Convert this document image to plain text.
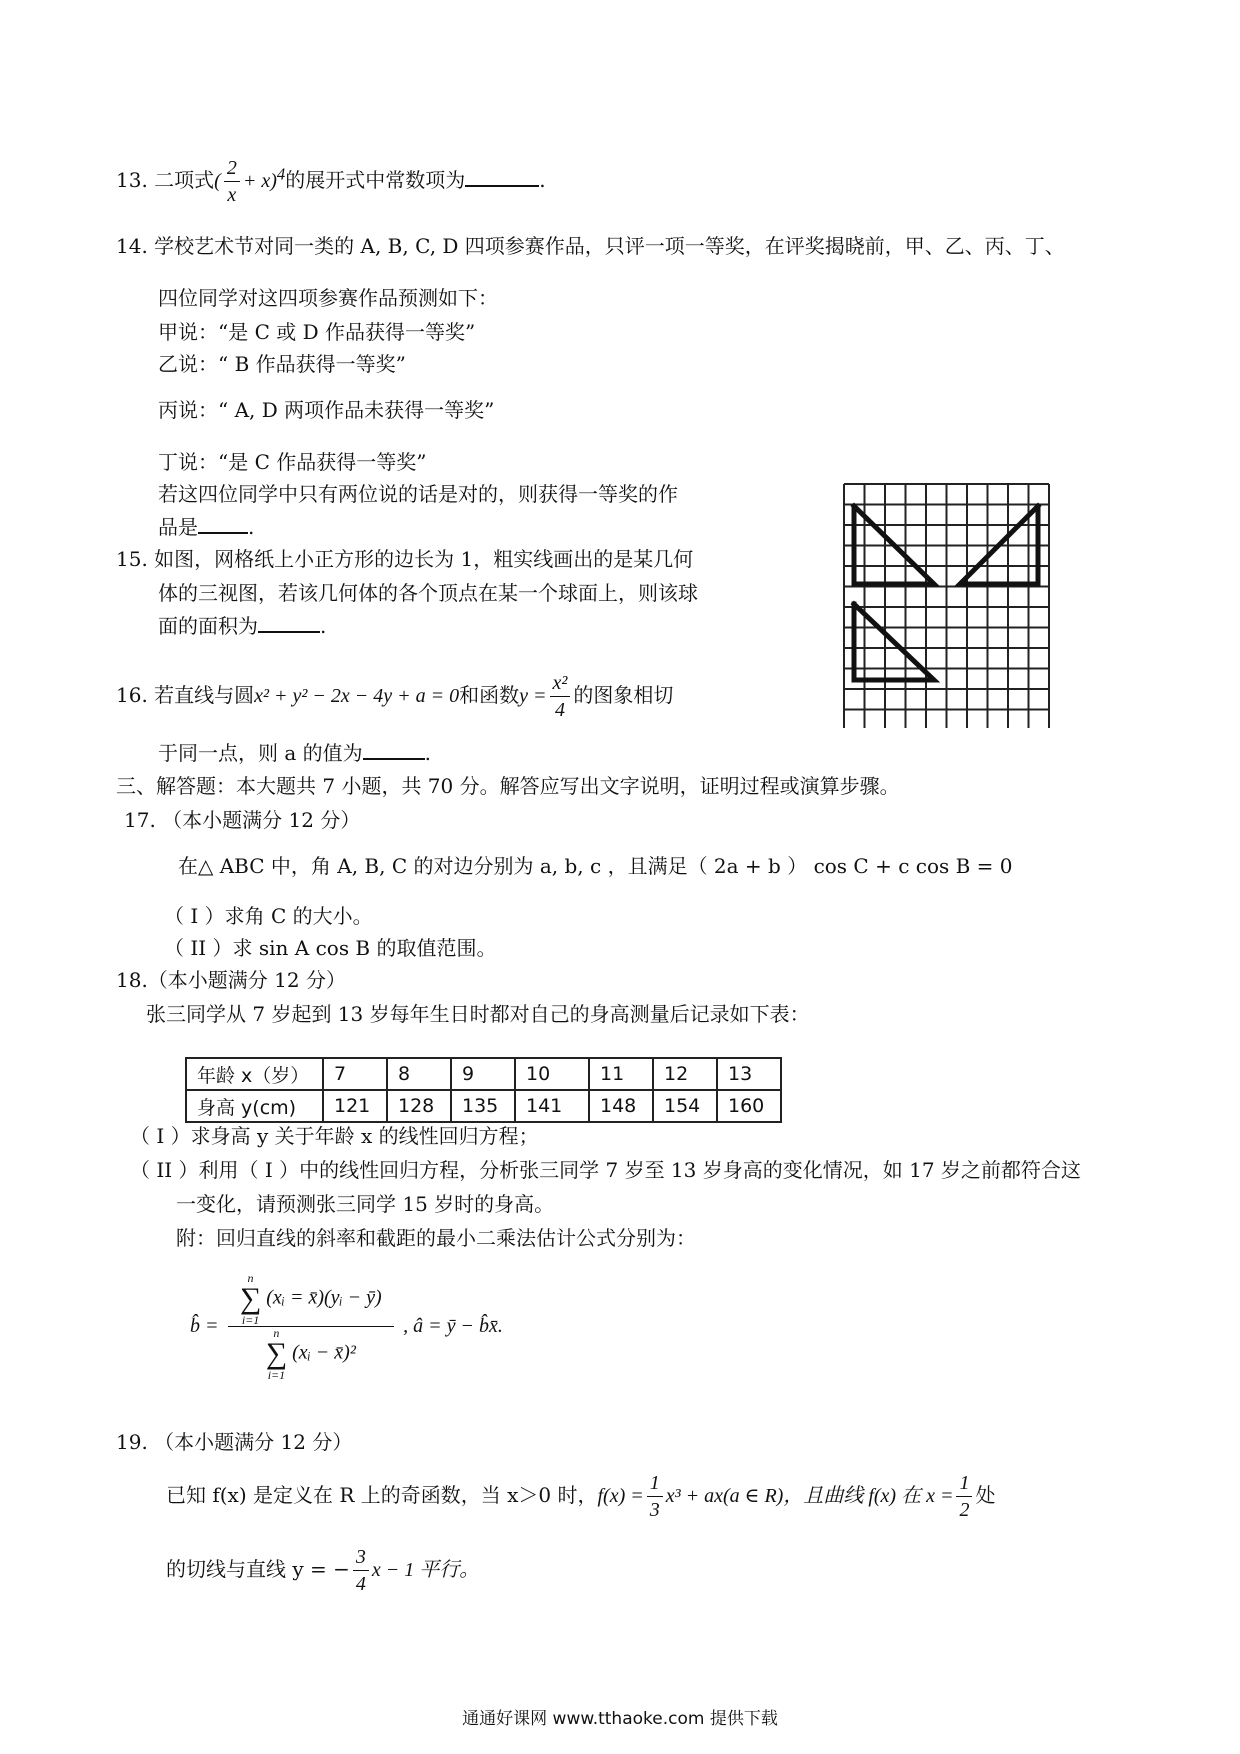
13. 二项式( $\frac{2}{x} + x)^4$的展开式中常数项为	.
14. 学校艺术节对同一类的 A, B, C, D 四项参赛作品，只评一项一等奖，在评奖揭晓前，甲、乙、丙、丁、
四位同学对这四项参赛作品预测如下：
甲说：“是 C 或 D 作品获得一等奖”
乙说：“ B 作品获得一等奖”
丙说：“ A, D 两项作品未获得一等奖”
丁说：“是 C 作品获得一等奖”
若这四位同学中只有两位说的话是对的，则获得一等奖的作
品是	.
15. 如图，网格纸上小正方形的边长为 1，粗实线画出的是某几何
体的三视图，若该几何体的各个顶点在某一个球面上，则该球
面的面积为	.
16. 若直线与圆x² + y² − 2x − 4y + a = 0和函数$y = \frac{\text{x²}}{4}$ 的图象相切
于同一点，则 a 的值为	.
三、解答题：本大题共 7 小题，共 70 分。解答应写出文字说明，证明过程或演算步骤。
17. （本小题满分 12 分）
在△ ABC 中，角 A, B, C 的对边分别为 a, b, c ，且满足（ 2a + b ） cos C + c cos B = 0
（ I ）求角 C 的大小。
（ II ）求 sin A cos B 的取值范围。
18.（本小题满分 12 分）
张三同学从 7 岁起到 13 岁每年生日时都对自己的身高测量后记录如下表：
年龄 x（岁）	7	8	9	10	11	12	13
身高 y(cm)	121	128	135	141	148	154	160
（ I ）求身高 y 关于年龄 x 的线性回归方程；
（ II ）利用（ I ）中的线性回归方程，分析张三同学 7 岁至 13 岁身高的变化情况，如 17 岁之前都符合这
一变化，请预测张三同学 15 岁时的身高。
附：回归直线的斜率和截距的最小二乘法估计公式分别为：
b̂ = n
∑
i=1
(xᵢ = x̄)(yᵢ − ȳ)
n
∑
i=1
(xᵢ − x̄)² , â = ȳ − b̂x̄.
19. （本小题满分 12 分）
已知 f(x) 是定义在 R 上的奇函数，当 x＞0 时，$f(x) = \frac{1}{3} x^3 + ax(a$ ∈ R)，且曲线 f(x) 在 $x = \frac{1}{2}$ 处
的切线与直线 y = − $\frac{3}{4}$ x − 1 平行。
通通好课网 www.tthaoke.com 提供下载
